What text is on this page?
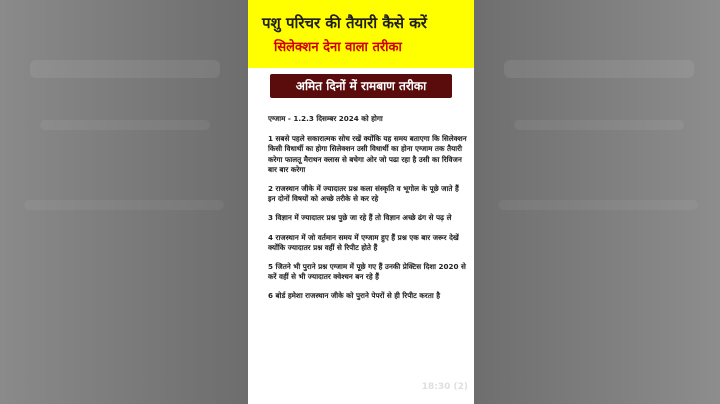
पशु परिचर की तैयारी कैसे करें
सिलेक्शन देना वाला तरीका
अमित दिनों में रामबाण तरीका
एग्जाम - 1.2.3 दिसम्बर 2024 को होगा
1 सबसे पहले सकारात्मक सोच रखें क्योंकि यह समय बताएगा कि सिलेक्शन किसी विधार्थी का होगा सिलेक्शन उसी विधार्थी का होना एग्जाम तक तैयारी करेगा फालतू मैराथन क्लास से बचेगा ओर जो पढा रहा है उसी का रिविजन बार बार करेगा
2 राजस्थान जीके में ज्यादातर प्रश्न कला संस्कृति व भूगोल के पूछे जाते हैं इन दोनों विषयों को अच्छे तरीके से कर रहे
3 विज्ञान में ज्यादातर प्रश्न पुछे जा रहे हैं तो विज्ञान अच्छे ढंग से पढ़ ले
4 राजस्थान में जो वर्तमान समय में एग्जाम हुए हैं प्रश्न एक बार जरूर देखें क्योंकि ज्यादातर प्रश्न वहीं से रिपीट होते हैं
5 जितने भी पुराने प्रश्न एग्जाम में पूछे गए हैं उनकी प्रेक्टिस दिशा 2020 से करें वहीं से भी ज्यादातर क्वेश्चन बन रहे हैं
6 बोर्ड हमेशा राजस्थान जीके को पुराने पेपरों से ही रिपीट करता है
18:30 (2)
